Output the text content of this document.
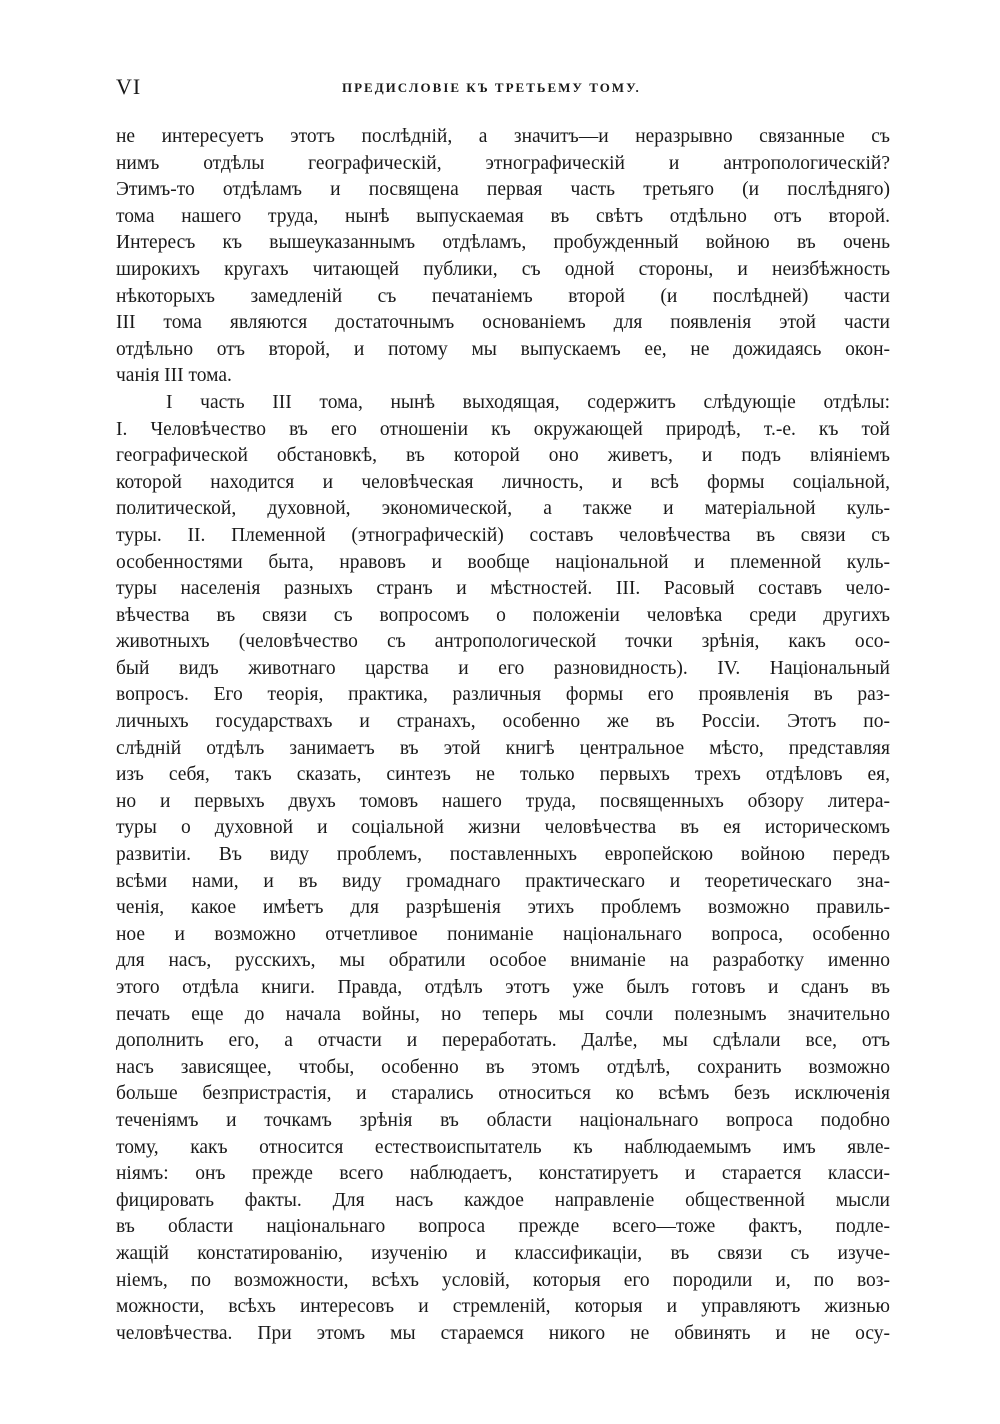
VI	ПРЕДИСЛОВІЕ КЪ ТРЕТЬЕМУ ТОМУ.
не интересуетъ этотъ послѣдній, а значитъ—и неразрывно связанные съ
нимъ отдѣлы географическій, этнографическій и антропологическій?
Этимъ-то отдѣламъ и посвящена первая часть третьяго (и послѣдняго)
тома нашего труда, нынѣ выпускаемая въ свѣтъ отдѣльно отъ второй.
Интересъ къ вышеуказаннымъ отдѣламъ, пробужденный войною въ очень
широкихъ кругахъ читающей публики, съ одной стороны, и неизбѣжность
нѣкоторыхъ замедленій съ печатаніемъ второй (и послѣдней) части
III тома являются достаточнымъ основаніемъ для появленія этой части
отдѣльно отъ второй, и потому мы выпускаемъ ее, не дожидаясь окон-
чанія III тома.
I часть III тома, нынѣ выходящая, содержитъ слѣдующіе отдѣлы:
I. Человѣчество въ его отношеніи къ окружающей природѣ, т.-е. къ той
географической обстановкѣ, въ которой оно живетъ, и подъ вліяніемъ
которой находится и человѣческая личность, и всѣ формы соціальной,
политической, духовной, экономической, а также и матеріальной куль-
туры. II. Племенной (этнографическій) составъ человѣчества въ связи съ
особенностями быта, нравовъ и вообще національной и племенной куль-
туры населенія разныхъ странъ и мѣстностей. III. Расовый составъ чело-
вѣчества въ связи съ вопросомъ о положеніи человѣка среди другихъ
животныхъ (человѣчество съ антропологической точки зрѣнія, какъ осо-
бый видъ животнаго царства и его разновидность). IV. Національный
вопросъ. Его теорія, практика, различныя формы его проявленія въ раз-
личныхъ государствахъ и странахъ, особенно же въ Россіи. Этотъ по-
слѣдній отдѣлъ занимаетъ въ этой книгѣ центральное мѣсто, представляя
изъ себя, такъ сказать, синтезъ не только первыхъ трехъ отдѣловъ ея,
но и первыхъ двухъ томовъ нашего труда, посвященныхъ обзору литера-
туры о духовной и соціальной жизни человѣчества въ ея историческомъ
развитіи. Въ виду проблемъ, поставленныхъ европейскою войною передъ
всѣми нами, и въ виду громаднаго практическаго и теоретическаго зна-
ченія, какое имѣетъ для разрѣшенія этихъ проблемъ возможно правиль-
ное и возможно отчетливое пониманіе національнаго вопроса, особенно
для насъ, русскихъ, мы обратили особое вниманіе на разработку именно
этого отдѣла книги. Правда, отдѣлъ этотъ уже былъ готовъ и сданъ въ
печать еще до начала войны, но теперь мы сочли полезнымъ значительно
дополнить его, а отчасти и переработать. Далѣе, мы сдѣлали все, отъ
насъ зависящее, чтобы, особенно въ этомъ отдѣлѣ, сохранить возможно
больше безпристрастія, и старались относиться ко всѣмъ безъ исключенія
теченіямъ и точкамъ зрѣнія въ области національнаго вопроса подобно
тому, какъ относится естествоиспытатель къ наблюдаемымъ имъ явле-
ніямъ: онъ прежде всего наблюдаетъ, констатируетъ и старается класси-
фицировать факты. Для насъ каждое направленіе общественной мысли
въ области національнаго вопроса прежде всего—тоже фактъ, подле-
жащій констатированію, изученію и классификаціи, въ связи съ изуче-
ніемъ, по возможности, всѣхъ условій, которыя его породили и, по воз-
можности, всѣхъ интересовъ и стремленій, которыя и управляютъ жизнью
человѣчества. При этомъ мы стараемся никого не обвинять и не осу-
